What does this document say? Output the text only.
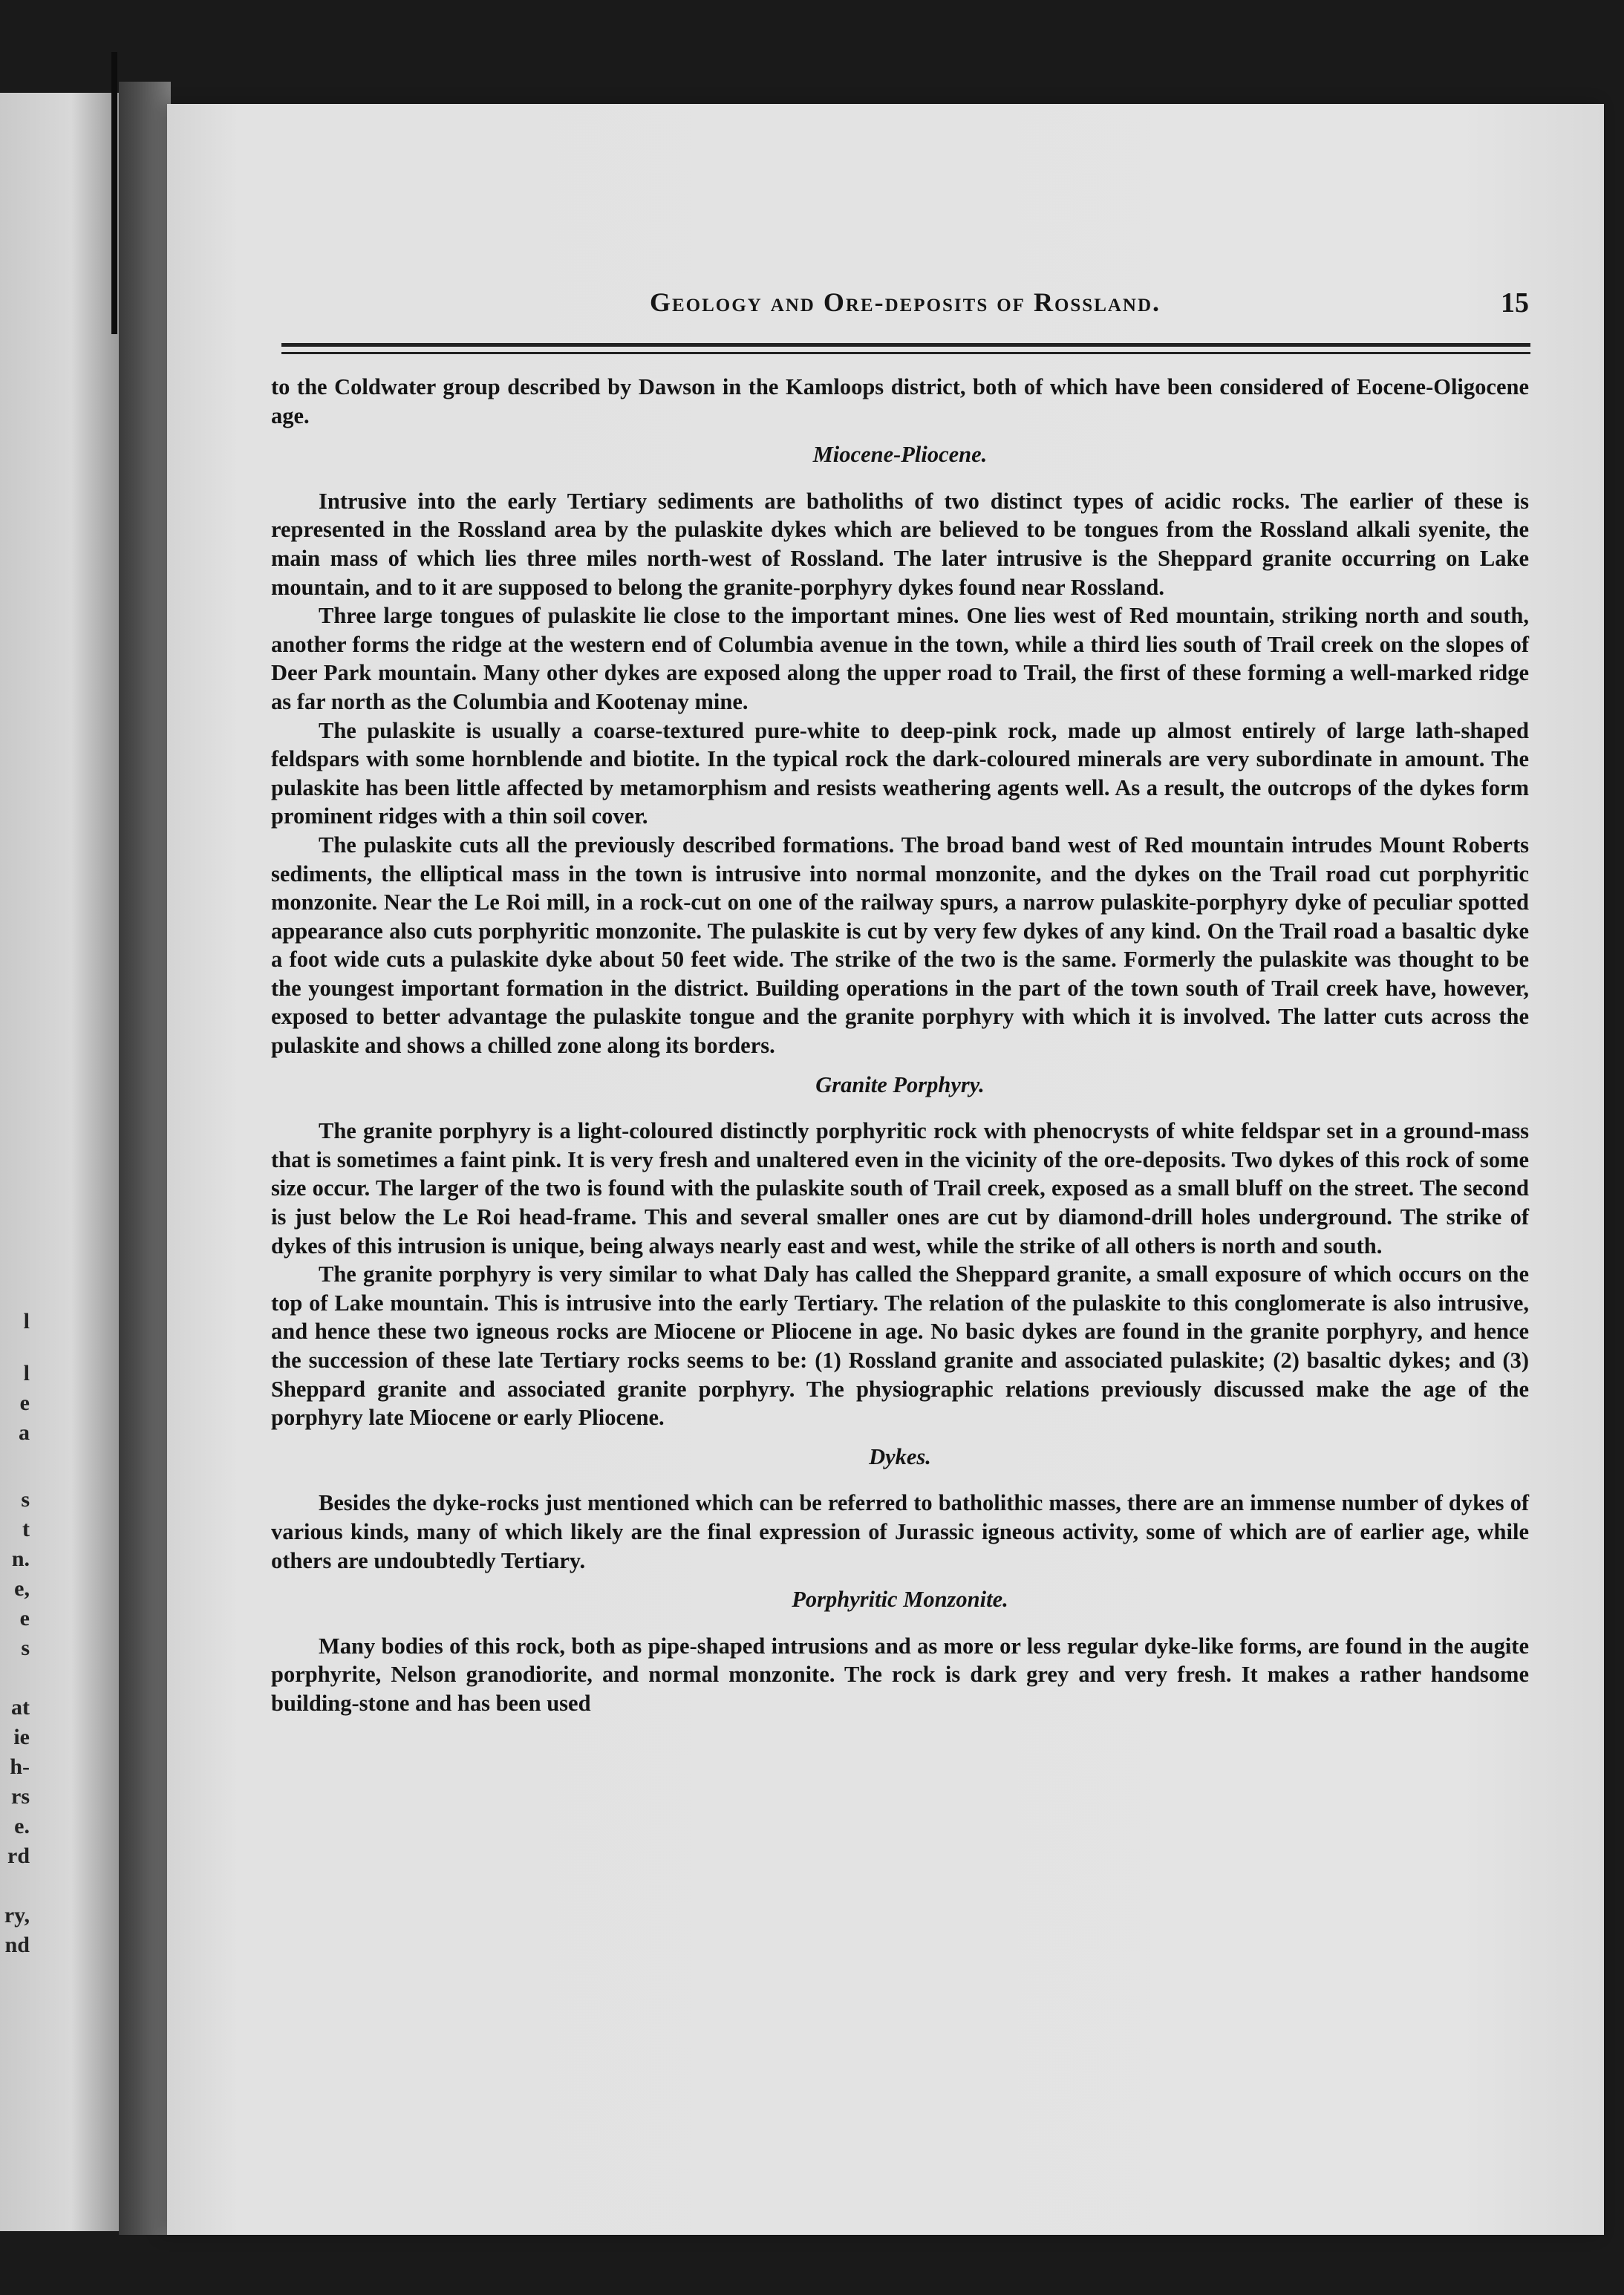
Geology and Ore-deposits of Rossland.	15

to the Coldwater group described by Dawson in the Kamloops district, both of which have been considered of Eocene-Oligocene age.

Miocene-Pliocene.

Intrusive into the early Tertiary sediments are batholiths of two distinct types of acidic rocks. The earlier of these is represented in the Rossland area by the pulaskite dykes which are believed to be tongues from the Rossland alkali syenite, the main mass of which lies three miles north-west of Rossland. The later intrusive is the Sheppard granite occurring on Lake mountain, and to it are supposed to belong the granite-porphyry dykes found near Rossland.

Three large tongues of pulaskite lie close to the important mines. One lies west of Red mountain, striking north and south, another forms the ridge at the western end of Columbia avenue in the town, while a third lies south of Trail creek on the slopes of Deer Park mountain. Many other dykes are exposed along the upper road to Trail, the first of these forming a well-marked ridge as far north as the Columbia and Kootenay mine.

The pulaskite is usually a coarse-textured pure-white to deep-pink rock, made up almost entirely of large lath-shaped feldspars with some hornblende and biotite. In the typical rock the dark-coloured minerals are very subordinate in amount. The pulaskite has been little affected by metamorphism and resists weathering agents well. As a result, the outcrops of the dykes form prominent ridges with a thin soil cover.

The pulaskite cuts all the previously described formations. The broad band west of Red mountain intrudes Mount Roberts sediments, the elliptical mass in the town is intrusive into normal monzonite, and the dykes on the Trail road cut porphyritic monzonite. Near the Le Roi mill, in a rock-cut on one of the railway spurs, a narrow pulaskite-porphyry dyke of peculiar spotted appearance also cuts porphyritic monzonite. The pulaskite is cut by very few dykes of any kind. On the Trail road a basaltic dyke a foot wide cuts a pulaskite dyke about 50 feet wide. The strike of the two is the same. Formerly the pulaskite was thought to be the youngest important formation in the district. Building operations in the part of the town south of Trail creek have, however, exposed to better advantage the pulaskite tongue and the granite porphyry with which it is involved. The latter cuts across the pulaskite and shows a chilled zone along its borders.

Granite Porphyry.

The granite porphyry is a light-coloured distinctly porphyritic rock with phenocrysts of white feldspar set in a ground-mass that is sometimes a faint pink. It is very fresh and unaltered even in the vicinity of the ore-deposits. Two dykes of this rock of some size occur. The larger of the two is found with the pulaskite south of Trail creek, exposed as a small bluff on the street. The second is just below the Le Roi head-frame. This and several smaller ones are cut by diamond-drill holes underground. The strike of dykes of this intrusion is unique, being always nearly east and west, while the strike of all others is north and south.

The granite porphyry is very similar to what Daly has called the Sheppard granite, a small exposure of which occurs on the top of Lake mountain. This is intrusive into the early Tertiary. The relation of the pulaskite to this conglomerate is also intrusive, and hence these two igneous rocks are Miocene or Pliocene in age. No basic dykes are found in the granite porphyry, and hence the succession of these late Tertiary rocks seems to be: (1) Rossland granite and associated pulaskite; (2) basaltic dykes; and (3) Sheppard granite and associated granite porphyry. The physiographic relations previously discussed make the age of the porphyry late Miocene or early Pliocene.

Dykes.

Besides the dyke-rocks just mentioned which can be referred to batholithic masses, there are an immense number of dykes of various kinds, many of which likely are the final expression of Jurassic igneous activity, some of which are of earlier age, while others are undoubtedly Tertiary.

Porphyritic Monzonite.

Many bodies of this rock, both as pipe-shaped intrusions and as more or less regular dyke-like forms, are found in the augite porphyrite, Nelson granodiorite, and normal monzonite. The rock is dark grey and very fresh. It makes a rather handsome building-stone and has been used
